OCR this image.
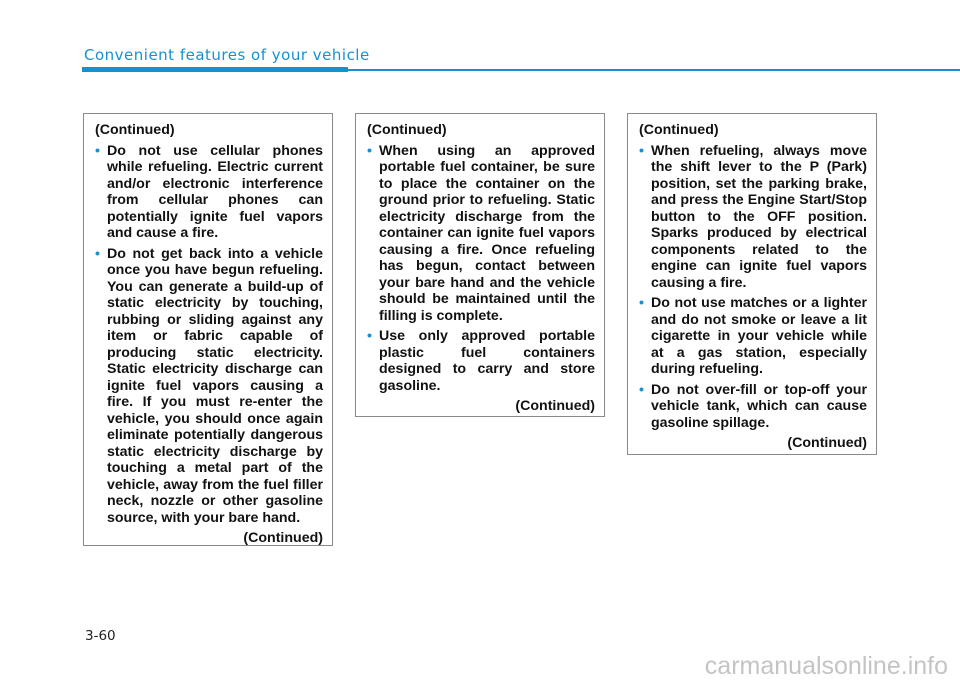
Convenient features of your vehicle
(Continued)
• Do not use cellular phones while refueling. Electric current and/or electronic interference from cellular phones can potentially ignite fuel vapors and cause a fire.
• Do not get back into a vehicle once you have begun refueling. You can generate a build-up of static electricity by touching, rubbing or sliding against any item or fabric capable of producing static electricity. Static electricity discharge can ignite fuel vapors causing a fire. If you must re-enter the vehicle, you should once again eliminate potentially dangerous static electricity discharge by touching a metal part of the vehicle, away from the fuel filler neck, nozzle or other gasoline source, with your bare hand.
(Continued)
(Continued)
• When using an approved portable fuel container, be sure to place the container on the ground prior to refueling. Static electricity discharge from the container can ignite fuel vapors causing a fire. Once refueling has begun, contact between your bare hand and the vehicle should be maintained until the filling is complete.
• Use only approved portable plastic fuel containers designed to carry and store gasoline.
(Continued)
(Continued)
• When refueling, always move the shift lever to the P (Park) position, set the parking brake, and press the Engine Start/Stop button to the OFF position. Sparks produced by electrical components related to the engine can ignite fuel vapors causing a fire.
• Do not use matches or a lighter and do not smoke or leave a lit cigarette in your vehicle while at a gas station, especially during refueling.
• Do not over-fill or top-off your vehicle tank, which can cause gasoline spillage.
(Continued)
3-60
carmanualsonline.info
